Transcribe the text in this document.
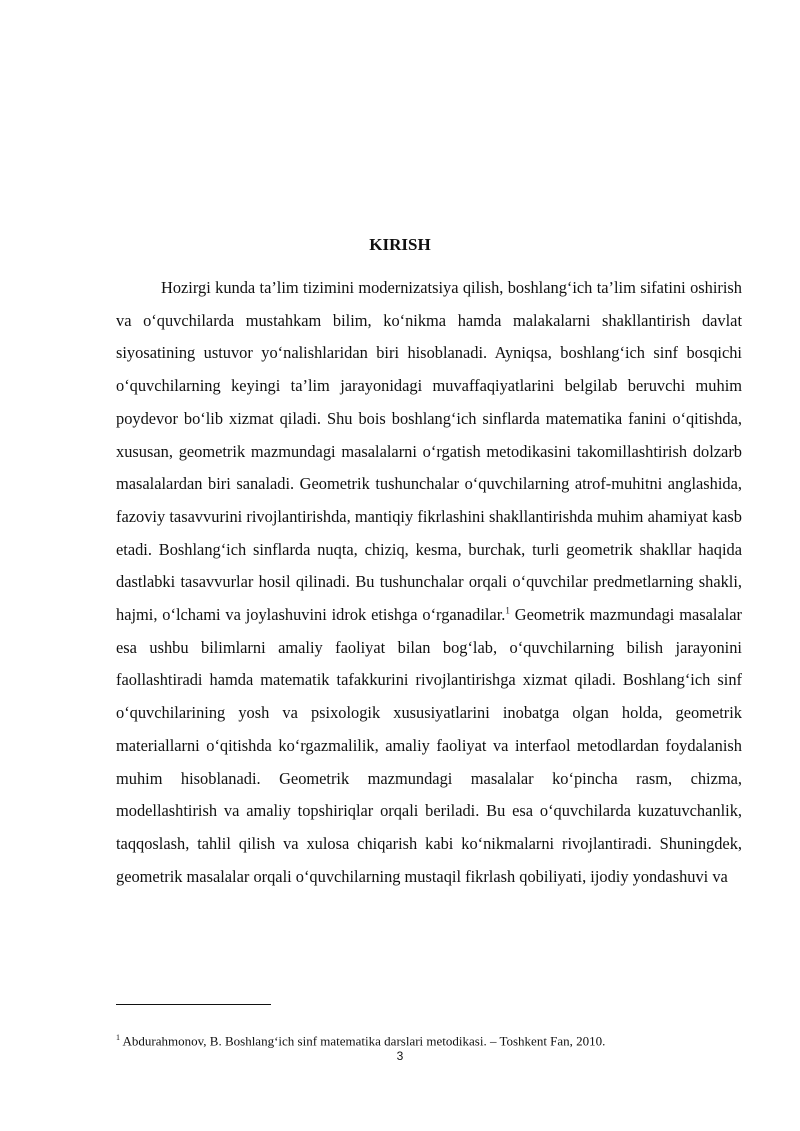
KIRISH

Hozirgi kunda ta’lim tizimini modernizatsiya qilish, boshlang‘ich ta’lim sifatini oshirish va o‘quvchilarda mustahkam bilim, ko‘nikma hamda malakalarni shakllantirish davlat siyosatining ustuvor yo‘nalishlaridan biri hisoblanadi. Ayniqsa, boshlang‘ich sinf bosqichi o‘quvchilarning keyingi ta’lim jarayonidagi muvaffaqiyatlarini belgilab beruvchi muhim poydevor bo‘lib xizmat qiladi. Shu bois boshlang‘ich sinflarda matematika fanini o‘qitishda, xususan, geometrik mazmundagi masalalarni o‘rgatish metodikasini takomillashtirish dolzarb masalalardan biri sanaladi. Geometrik tushunchalar o‘quvchilarning atrof-muhitni anglashida, fazoviy tasavvurini rivojlantirishda, mantiqiy fikrlashini shakllantirishda muhim ahamiyat kasb etadi. Boshlang‘ich sinflarda nuqta, chiziq, kesma, burchak, turli geometrik shakllar haqida dastlabki tasavvurlar hosil qilinadi. Bu tushunchalar orqali o‘quvchilar predmetlarning shakli, hajmi, o‘lchami va joylashuvini idrok etishga o‘rganadilar.$^1$ Geometrik mazmundagi masalalar esa ushbu bilimlarni amaliy faoliyat bilan bog‘lab, o‘quvchilarning bilish jarayonini faollashtiradi hamda matematik tafakkurini rivojlantirishga xizmat qiladi. Boshlang‘ich sinf o‘quvchilarining yosh va psixologik xususiyatlarini inobatga olgan holda, geometrik materiallarni o‘qitishda ko‘rgazmalilik, amaliy faoliyat va interfaol metodlardan foydalanish muhim hisoblanadi. Geometrik mazmundagi masalalar ko‘pincha rasm, chizma, modellashtirish va amaliy topshiriqlar orqali beriladi. Bu esa o‘quvchilarda kuzatuvchanlik, taqqoslash, tahlil qilish va xulosa chiqarish kabi ko‘nikmalarni rivojlantiradi. Shuningdek, geometrik masalalar orqali o‘quvchilarning mustaqil fikrlash qobiliyati, ijodiy yondashuvi va

$^1$ Abdurahmonov, B. Boshlang‘ich sinf matematika darslari metodikasi. – Toshkent Fan, 2010.

3
